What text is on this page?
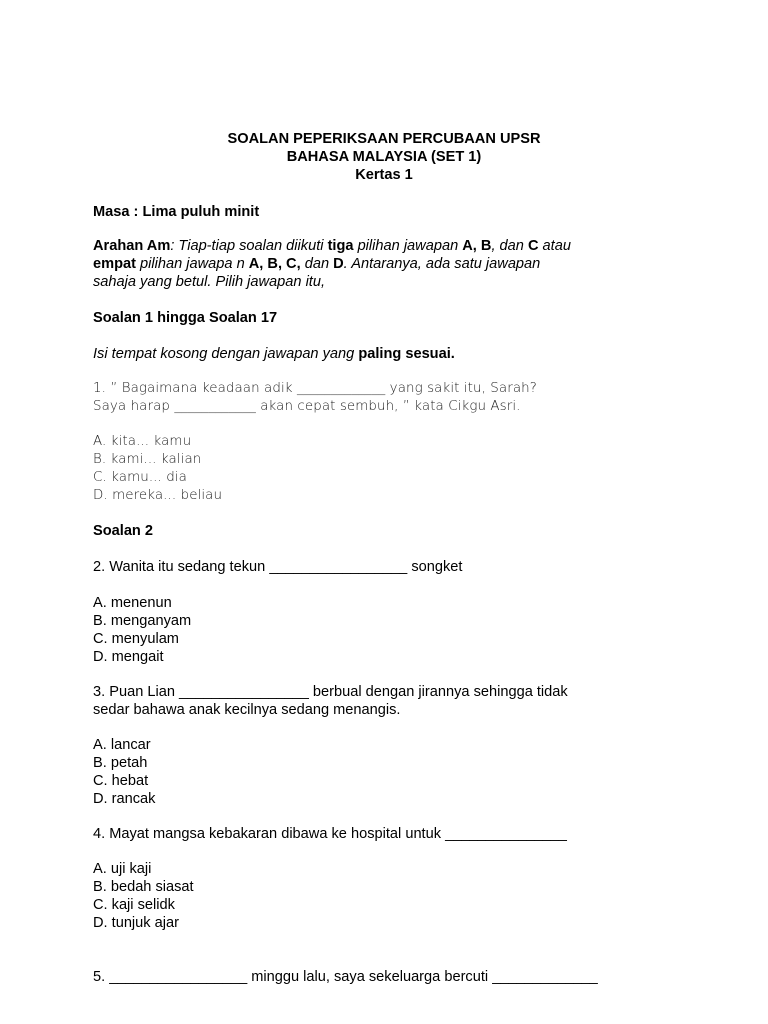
SOALAN PEPERIKSAAN PERCUBAAN UPSR
BAHASA MALAYSIA (SET 1)
Kertas 1
Masa : Lima puluh minit
Arahan Am: Tiap-tiap soalan diikuti tiga pilihan jawapan A, B, dan C atau
empat pilihan jawapa n A, B, C, dan D. Antaranya, ada satu jawapan
sahaja yang betul. Pilih jawapan itu,
Soalan 1 hingga Soalan 17
Isi tempat kosong dengan jawapan yang paling sesuai.
1. ” Bagaimana keadaan adik _____________ yang sakit itu, Sarah?
Saya harap ____________ akan cepat sembuh, ” kata Cikgu Asri.
A. kita... kamu
B. kami... kalian
C. kamu... dia
D. mereka... beliau
Soalan 2
2. Wanita itu sedang tekun _________________ songket
A. menenun
B. menganyam
C. menyulam
D. mengait
3. Puan Lian ________________ berbual dengan jirannya sehingga tidak
sedar bahawa anak kecilnya sedang menangis.
A. lancar
B. petah
C. hebat
D. rancak
4. Mayat mangsa kebakaran dibawa ke hospital untuk _______________
A. uji kaji
B. bedah siasat
C. kaji selidk
D. tunjuk ajar
5. _________________ minggu lalu, saya sekeluarga bercuti _____________
